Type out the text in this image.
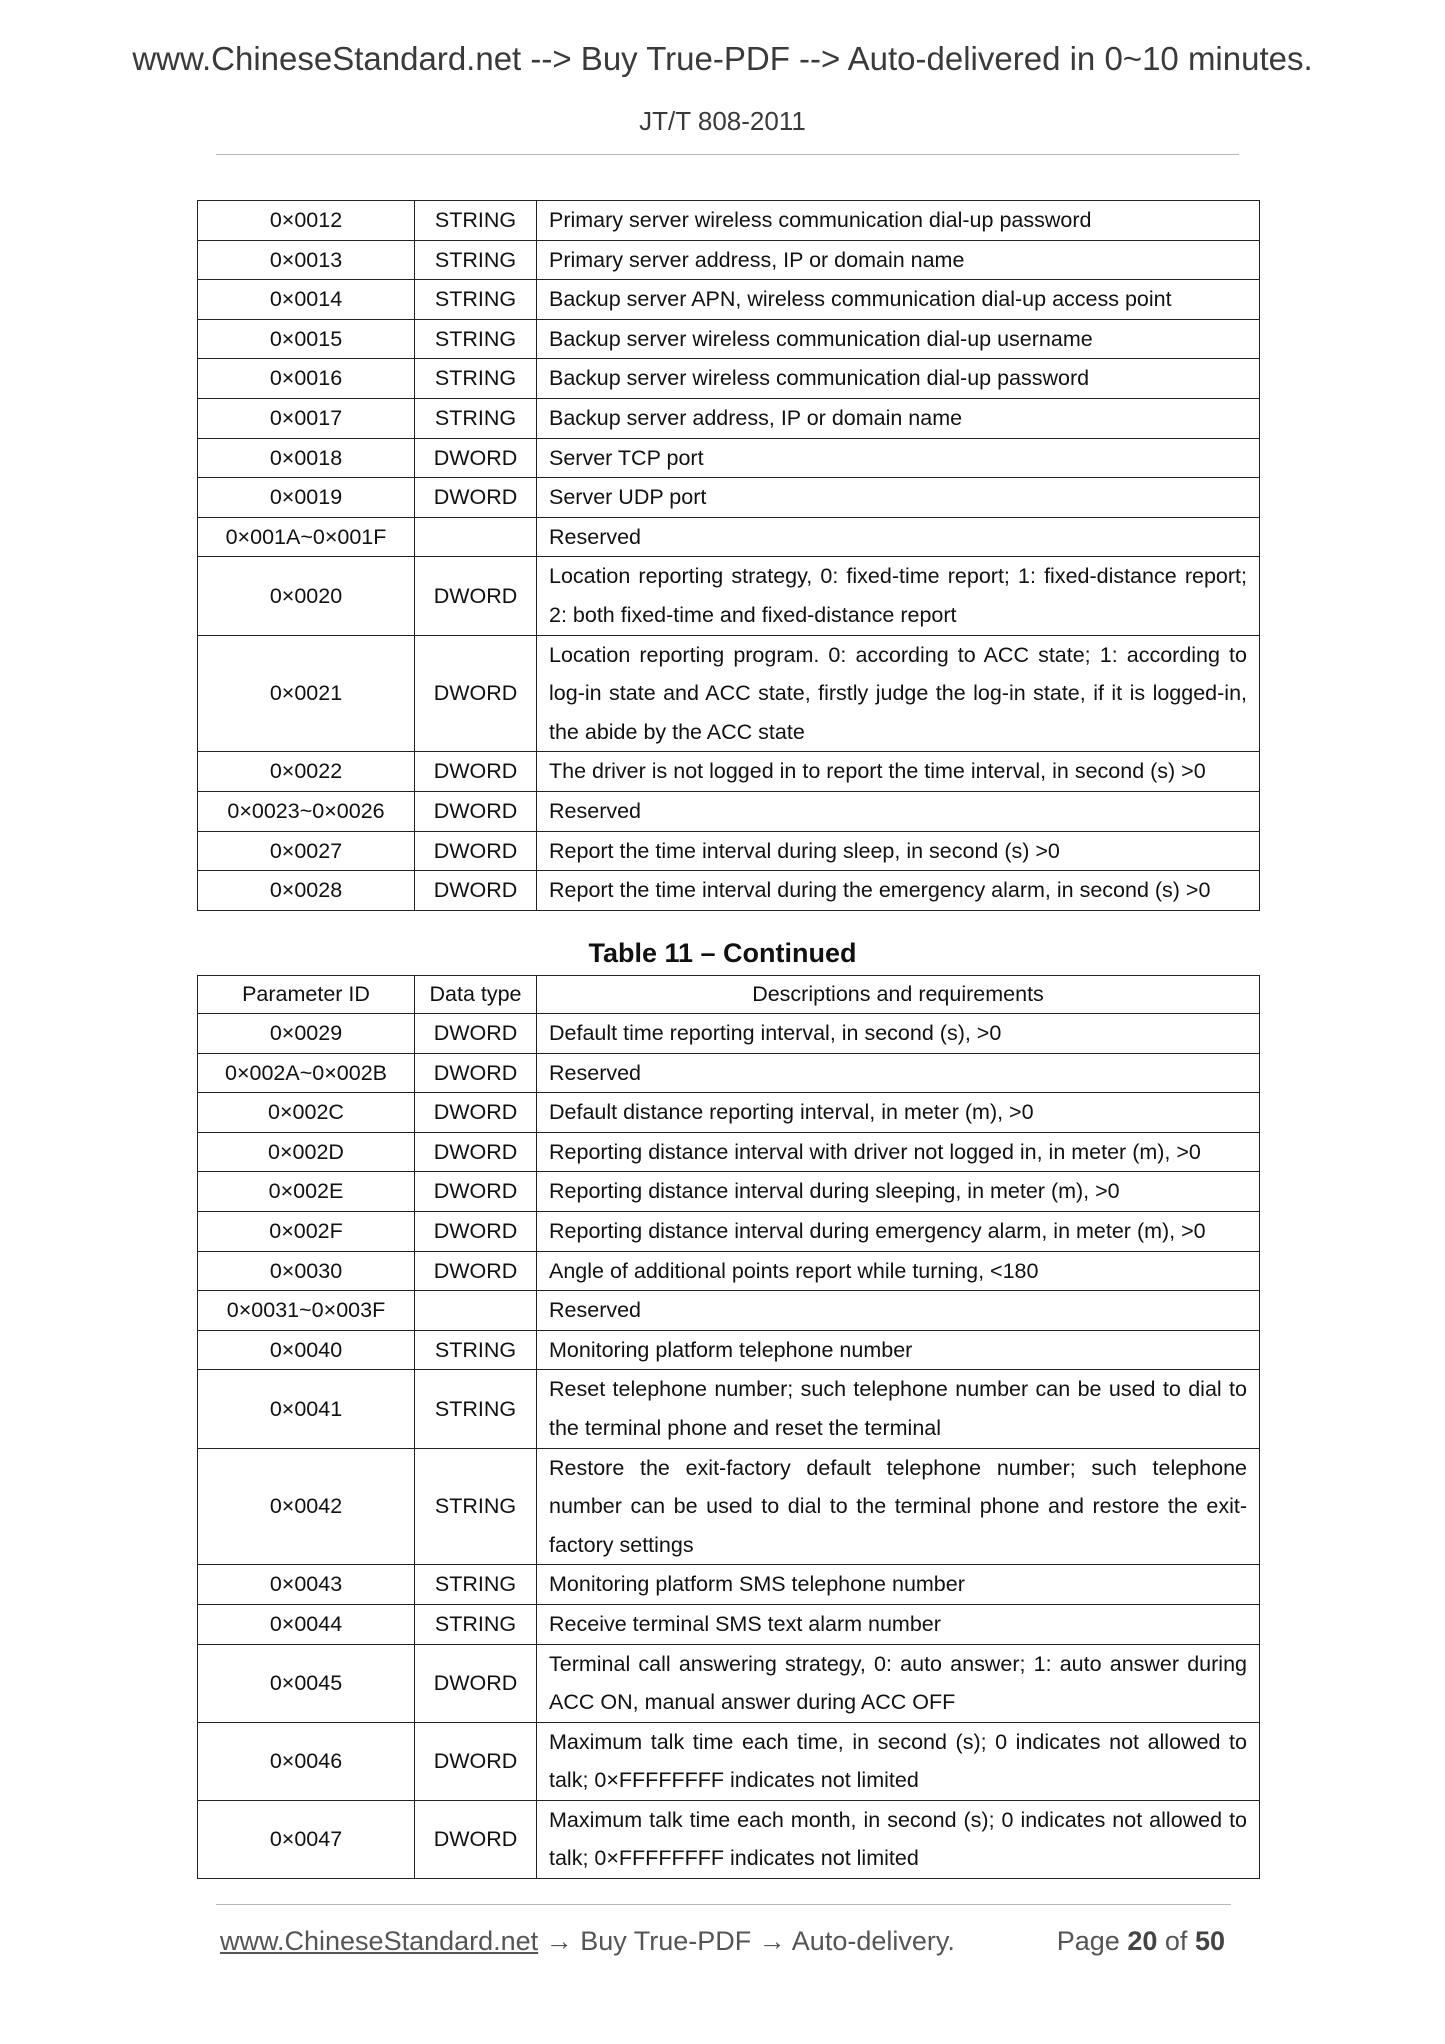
www.ChineseStandard.net --> Buy True-PDF --> Auto-delivered in 0~10 minutes.
JT/T 808-2011
0×0012	STRING	Primary server wireless communication dial-up password
0×0013	STRING	Primary server address, IP or domain name
0×0014	STRING	Backup server APN, wireless communication dial-up access point
0×0015	STRING	Backup server wireless communication dial-up username
0×0016	STRING	Backup server wireless communication dial-up password
0×0017	STRING	Backup server address, IP or domain name
0×0018	DWORD	Server TCP port
0×0019	DWORD	Server UDP port
0×001A~0×001F		Reserved
0×0020	DWORD	Location reporting strategy, 0: fixed-time report; 1: fixed-distance report; 2: both fixed-time and fixed-distance report
0×0021	DWORD	Location reporting program. 0: according to ACC state; 1: according to log-in state and ACC state, firstly judge the log-in state, if it is logged-in, the abide by the ACC state
0×0022	DWORD	The driver is not logged in to report the time interval, in second (s) >0
0×0023~0×0026	DWORD	Reserved
0×0027	DWORD	Report the time interval during sleep, in second (s) >0
0×0028	DWORD	Report the time interval during the emergency alarm, in second (s) >0
Table 11 – Continued
Parameter ID	Data type	Descriptions and requirements
0×0029	DWORD	Default time reporting interval, in second (s), >0
0×002A~0×002B	DWORD	Reserved
0×002C	DWORD	Default distance reporting interval, in meter (m), >0
0×002D	DWORD	Reporting distance interval with driver not logged in, in meter (m), >0
0×002E	DWORD	Reporting distance interval during sleeping, in meter (m), >0
0×002F	DWORD	Reporting distance interval during emergency alarm, in meter (m), >0
0×0030	DWORD	Angle of additional points report while turning, <180
0×0031~0×003F		Reserved
0×0040	STRING	Monitoring platform telephone number
0×0041	STRING	Reset telephone number; such telephone number can be used to dial to the terminal phone and reset the terminal
0×0042	STRING	Restore the exit-factory default telephone number; such telephone number can be used to dial to the terminal phone and restore the exit-factory settings
0×0043	STRING	Monitoring platform SMS telephone number
0×0044	STRING	Receive terminal SMS text alarm number
0×0045	DWORD	Terminal call answering strategy, 0: auto answer; 1: auto answer during ACC ON, manual answer during ACC OFF
0×0046	DWORD	Maximum talk time each time, in second (s); 0 indicates not allowed to talk; 0×FFFFFFFF indicates not limited
0×0047	DWORD	Maximum talk time each month, in second (s); 0 indicates not allowed to talk; 0×FFFFFFFF indicates not limited
www.ChineseStandard.net → Buy True-PDF → Auto-delivery.	Page 20 of 50
